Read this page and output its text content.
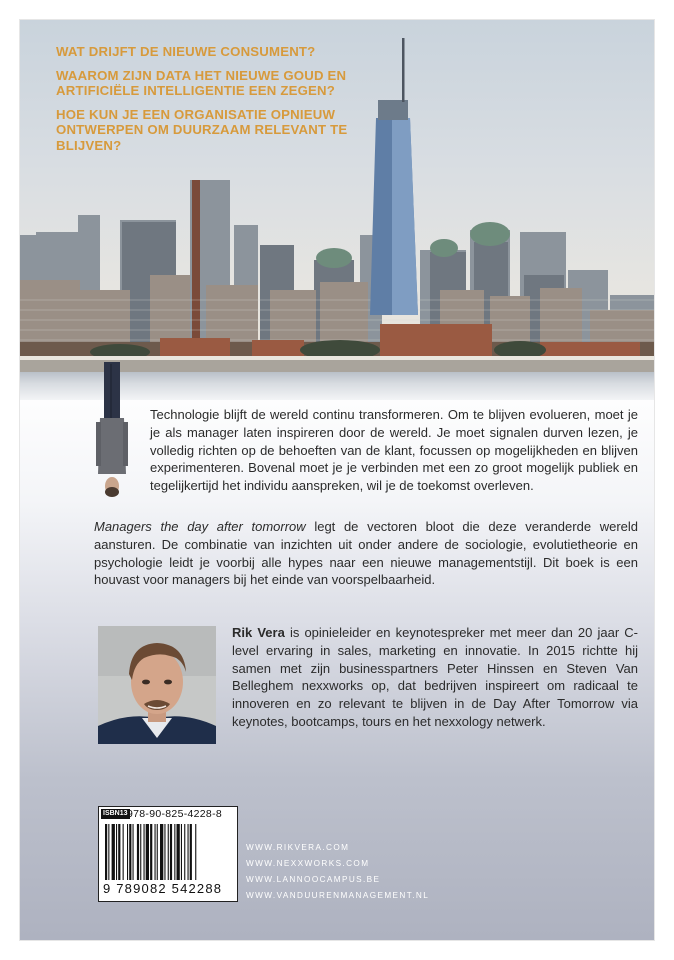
WAT DRIJFT DE NIEUWE CONSUMENT?

WAAROM ZIJN DATA HET NIEUWE GOUD EN ARTIFICIËLE INTELLIGENTIE EEN ZEGEN?

HOE KUN JE EEN ORGANISATIE OPNIEUW ONTWERPEN OM DUURZAAM RELEVANT TE BLIJVEN?

Technologie blijft de wereld continu transformeren. Om te blijven evolueren, moet je je als manager laten inspireren door de wereld. Je moet signalen durven lezen, je volledig richten op de behoeften van de klant, focussen op mogelijkheden en blijven experimenteren. Bovenal moet je je verbinden met een zo groot mogelijk publiek en tegelijkertijd het individu aanspreken, wil je de toekomst overleven.

Managers the day after tomorrow legt de vectoren bloot die deze veranderde wereld aansturen. De combinatie van inzichten uit onder andere de sociologie, evolutietheorie en psychologie leidt je voorbij alle hypes naar een nieuwe managementstijl. Dit boek is een houvast voor managers bij het einde van voorspelbaarheid.

Rik Vera is opinieleider en keynotespreker met meer dan 20 jaar C-level ervaring in sales, marketing en innovatie. In 2015 richtte hij samen met zijn businesspartners Peter Hinssen en Steven Van Belleghem nexxworks op, dat bedrijven inspireert om radicaal te innoveren en zo relevant te blijven in de Day After Tomorrow via keynotes, bootcamps, tours en het nexxology netwerk.

ISBN13 978-90-825-4228-8
9 789082 542288
WWW.RIKVERA.COM
WWW.NEXXWORKS.COM
WWW.LANNOOCAMPUS.BE
WWW.VANDUURENMANAGEMENT.NL
